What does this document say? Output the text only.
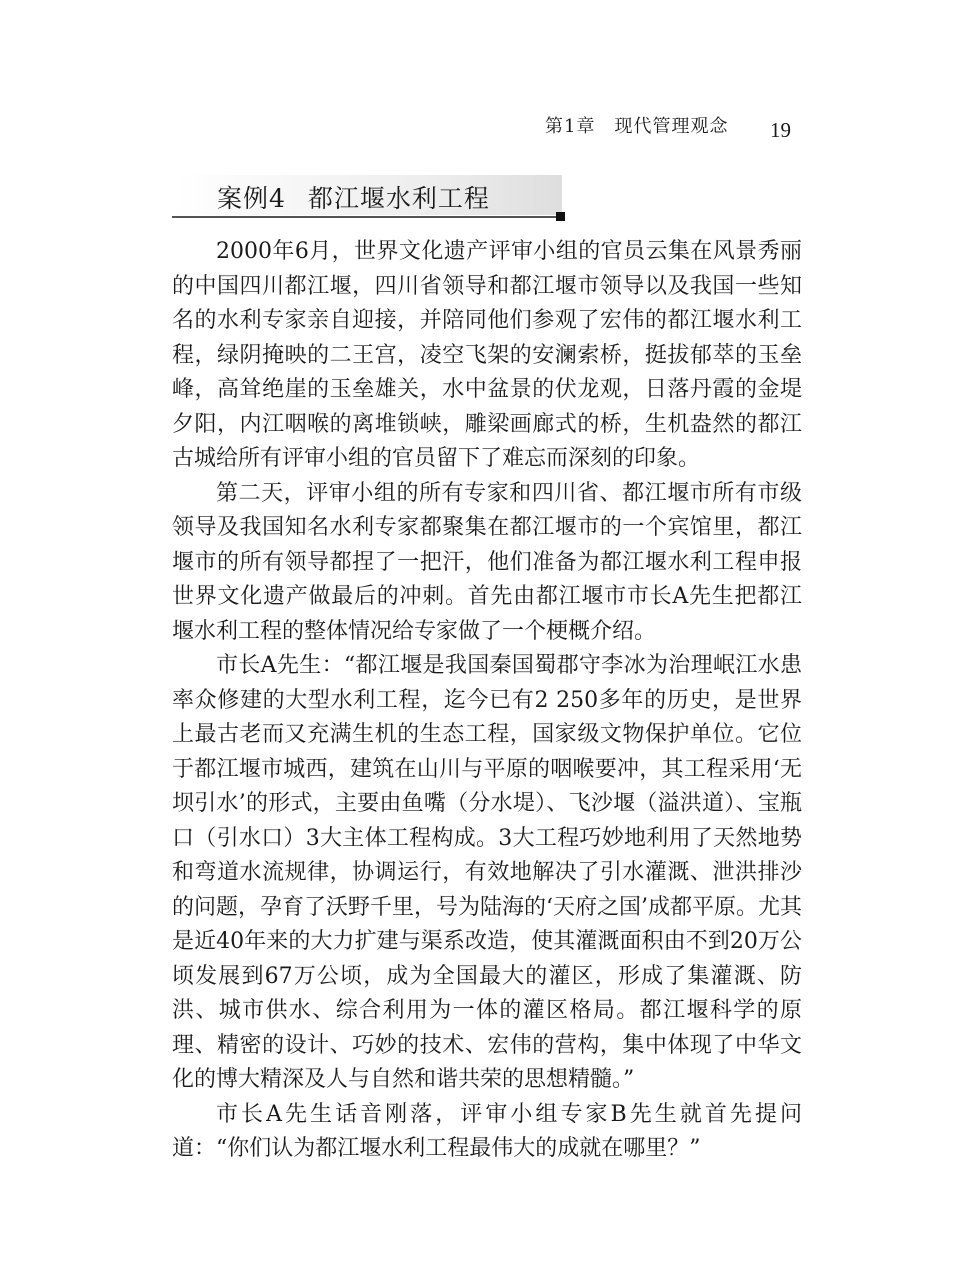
第1章　现代管理观念 19
案例4 都江堰水利工程

2000年6月，世界文化遗产评审小组的官员云集在风景秀丽的中国四川都江堰，四川省领导和都江堰市领导以及我国一些知名的水利专家亲自迎接，并陪同他们参观了宏伟的都江堰水利工程，绿阴掩映的二王宫，凌空飞架的安澜索桥，挺拔郁萃的玉垒峰，高耸绝崖的玉垒雄关，水中盆景的伏龙观，日落丹霞的金堤夕阳，内江咽喉的离堆锁峡，雕梁画廊式的桥，生机盎然的都江古城给所有评审小组的官员留下了难忘而深刻的印象。

第二天，评审小组的所有专家和四川省、都江堰市所有市级领导及我国知名水利专家都聚集在都江堰市的一个宾馆里，都江堰市的所有领导都捏了一把汗，他们准备为都江堰水利工程申报世界文化遗产做最后的冲刺。首先由都江堰市市长A先生把都江堰水利工程的整体情况给专家做了一个梗概介绍。

市长A先生：“都江堰是我国秦国蜀郡守李冰为治理岷江水患率众修建的大型水利工程，迄今已有2 250多年的历史，是世界上最古老而又充满生机的生态工程，国家级文物保护单位。它位于都江堰市城西，建筑在山川与平原的咽喉要冲，其工程采用‘无坝引水’的形式，主要由鱼嘴（分水堤）、飞沙堰（溢洪道）、宝瓶口（引水口）3大主体工程构成。3大工程巧妙地利用了天然地势和弯道水流规律，协调运行，有效地解决了引水灌溉、泄洪排沙的问题，孕育了沃野千里，号为陆海的‘天府之国’成都平原。尤其是近40年来的大力扩建与渠系改造，使其灌溉面积由不到20万公顷发展到67万公顷，成为全国最大的灌区，形成了集灌溉、防洪、城市供水、综合利用为一体的灌区格局。都江堰科学的原理、精密的设计、巧妙的技术、宏伟的营构，集中体现了中华文化的博大精深及人与自然和谐共荣的思想精髓。”

市长A先生话音刚落，评审小组专家B先生就首先提问道：“你们认为都江堰水利工程最伟大的成就在哪里？”
